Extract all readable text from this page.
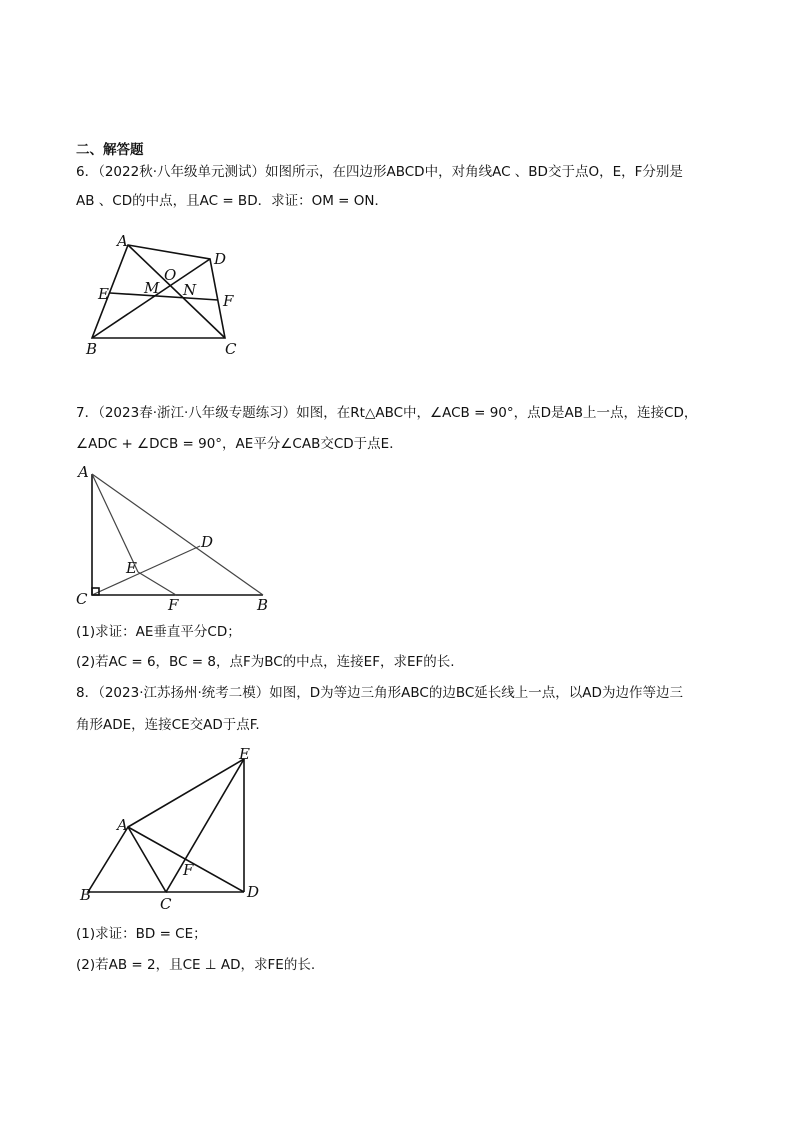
二、解答题
6．（2022秋·八年级单元测试）如图所示，在四边形ABCD中，对角线AC 、BD交于点O，E，F分别是
AB 、CD的中点，且AC = BD．求证：OM = ON．
A
D
O
E M N
F
B	C
7．（2023春·浙江·八年级专题练习）如图，在Rt△ABC中，∠ACB = 90°，点D是AB上一点，连接CD，
∠ADC + ∠DCB = 90°，AE平分∠CAB交CD于点E．
A
D
E
C	F	B
(1)求证：AE垂直平分CD；
(2)若AC = 6，BC = 8，点F为BC的中点，连接EF，求EF的长.
8．（2023·江苏扬州·统考二模）如图，D为等边三角形ABC的边BC延长线上一点，以AD为边作等边三
角形ADE，连接CE交AD于点F.
E
A
F
B	C
D
(1)求证：BD = CE；
(2)若AB = 2，且CE ⊥ AD，求FE的长.
